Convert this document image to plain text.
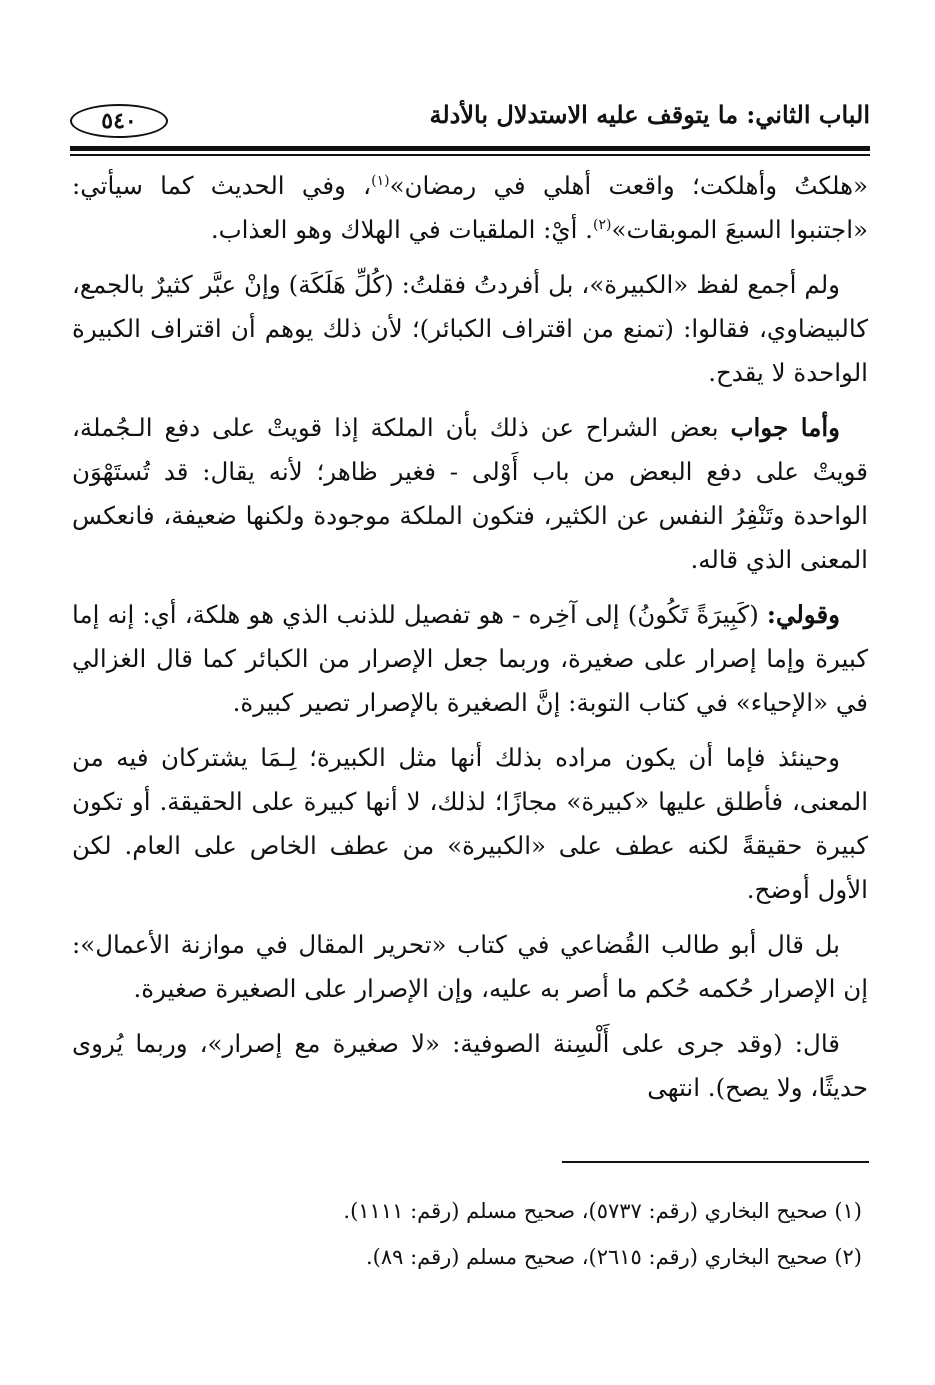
٥٤٠	الباب الثاني: ما يتوقف عليه الاستدلال بالأدلة

«هلكتُ وأهلكت؛ واقعت أهلي في رمضان»$^{(١)}$، وفي الحديث كما سيأتي: «اجتنبوا السبعَ الموبقات»$^{(٢)}$. أيْ: الملقيات في الهلاك وهو العذاب.

ولم أجمع لفظ «الكبيرة»، بل أفردتُ فقلتُ: (كُلِّ هَلَكَة) وإنْ عبَّر كثيرٌ بالجمع، كالبيضاوي، فقالوا: (تمنع من اقتراف الكبائر)؛ لأن ذلك يوهم أن اقتراف الكبيرة الواحدة لا يقدح.

وأما جواب بعض الشراح عن ذلك بأن الملكة إذا قويتْ على دفع الـجُملة، قويتْ على دفع البعض من باب أَوْلى - فغير ظاهر؛ لأنه يقال: قد تُستَهْوَن الواحدة وتَنْفِرُ النفس عن الكثير، فتكون الملكة موجودة ولكنها ضعيفة، فانعكس المعنى الذي قاله.

وقولي: (كَبِيرَةً تَكُونُ) إلى آخِره - هو تفصيل للذنب الذي هو هلكة، أي: إنه إما كبيرة وإما إصرار على صغيرة، وربما جعل الإصرار من الكبائر كما قال الغزالي في «الإحياء» في كتاب التوبة: إنَّ الصغيرة بالإصرار تصير كبيرة.

وحينئذ فإما أن يكون مراده بذلك أنها مثل الكبيرة؛ لِـمَا يشتركان فيه من المعنى، فأطلق عليها «كبيرة» مجازًا؛ لذلك، لا أنها كبيرة على الحقيقة. أو تكون كبيرة حقيقةً لكنه عطف على «الكبيرة» من عطف الخاص على العام. لكن الأول أوضح.

بل قال أبو طالب القُضاعي في كتاب «تحرير المقال في موازنة الأعمال»: إن الإصرار حُكمه حُكم ما أصر به عليه، وإن الإصرار على الصغيرة صغيرة.

قال: (وقد جرى على أَلْسِنة الصوفية: «لا صغيرة مع إصرار»، وربما يُروى حديثًا، ولا يصح). انتهى

(١) صحيح البخاري (رقم: ٥٧٣٧)، صحيح مسلم (رقم: ١١١١).
(٢) صحيح البخاري (رقم: ٢٦١٥)، صحيح مسلم (رقم: ٨٩).
